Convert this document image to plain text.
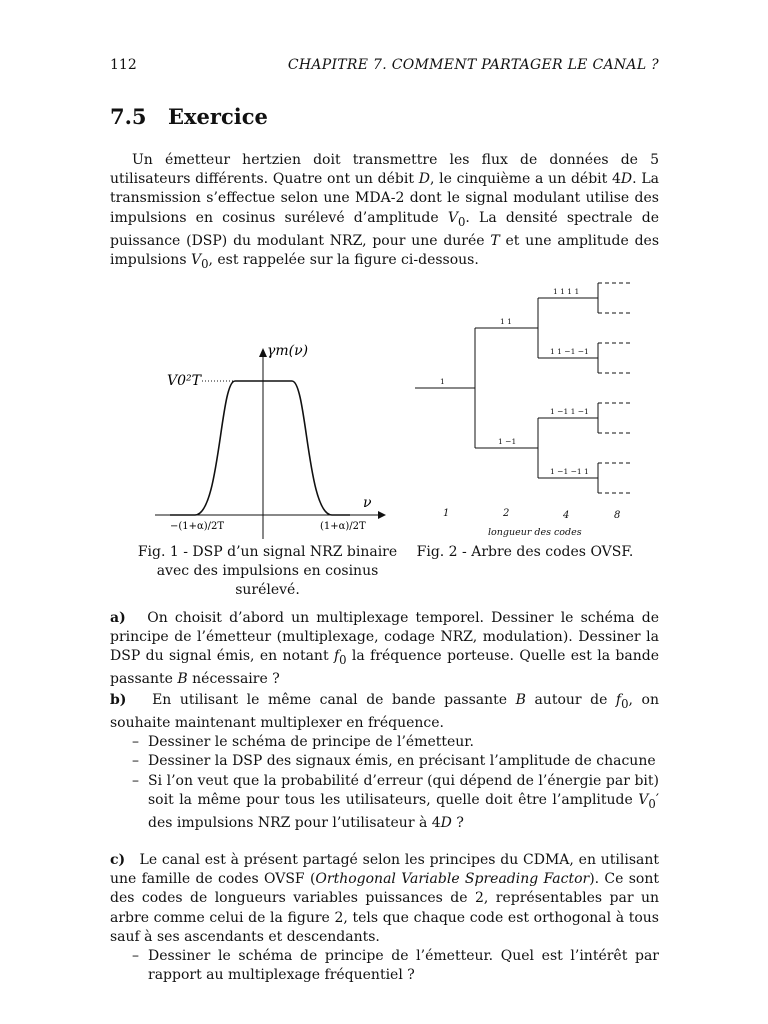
112	CHAPITRE 7. COMMENT PARTAGER LE CANAL ?
7.5 Exercice
Un émetteur hertzien doit transmettre les flux de données de 5 utilisateurs différents. Quatre ont un débit D, le cinquième a un débit 4D. La transmission s’effectue selon une MDA-2 dont le signal modulant utilise des impulsions en cosinus surélevé d’amplitude $V_0$. La densité spectrale de puissance (DSP) du modulant NRZ, pour une durée T et une amplitude des impulsions $V_0$, est rappelée sur la figure ci-dessous.
γm(ν)
ν
V0²T
−(1+α)/2T	(1+α)/2T
1
1 1
1 −1
1 1 1 1
1 1 −1 −1
1 −1 1 −1
1 −1 −1 1
1	2	4	8
longueur des codes
Fig. 1 - DSP d’un signal NRZ binaire
avec des impulsions en cosinus surélevé.
Fig. 2 - Arbre des codes OVSF.
a) On choisit d’abord un multiplexage temporel. Dessiner le schéma de principe de l’émetteur (multiplexage, codage NRZ, modulation). Dessiner la DSP du signal émis, en notant $f_0$ la fréquence porteuse. Quelle est la bande passante B nécessaire ?
b) En utilisant le même canal de bande passante B autour de $f_0$, on souhaite maintenant multiplexer en fréquence.
– Dessiner le schéma de principe de l’émetteur.
– Dessiner la DSP des signaux émis, en précisant l’amplitude de chacune
– Si l’on veut que la probabilité d’erreur (qui dépend de l’énergie par bit) soit la même pour tous les utilisateurs, quelle doit être l’amplitude $V_0'$ des impulsions NRZ pour l’utilisateur à 4D ?
c) Le canal est à présent partagé selon les principes du CDMA, en utilisant une famille de codes OVSF (Orthogonal Variable Spreading Factor). Ce sont des codes de longueurs variables puissances de 2, représentables par un arbre comme celui de la figure 2, tels que chaque code est orthogonal à tous sauf à ses ascendants et descendants.
– Dessiner le schéma de principe de l’émetteur. Quel est l’intérêt par rapport au multiplexage fréquentiel ?
